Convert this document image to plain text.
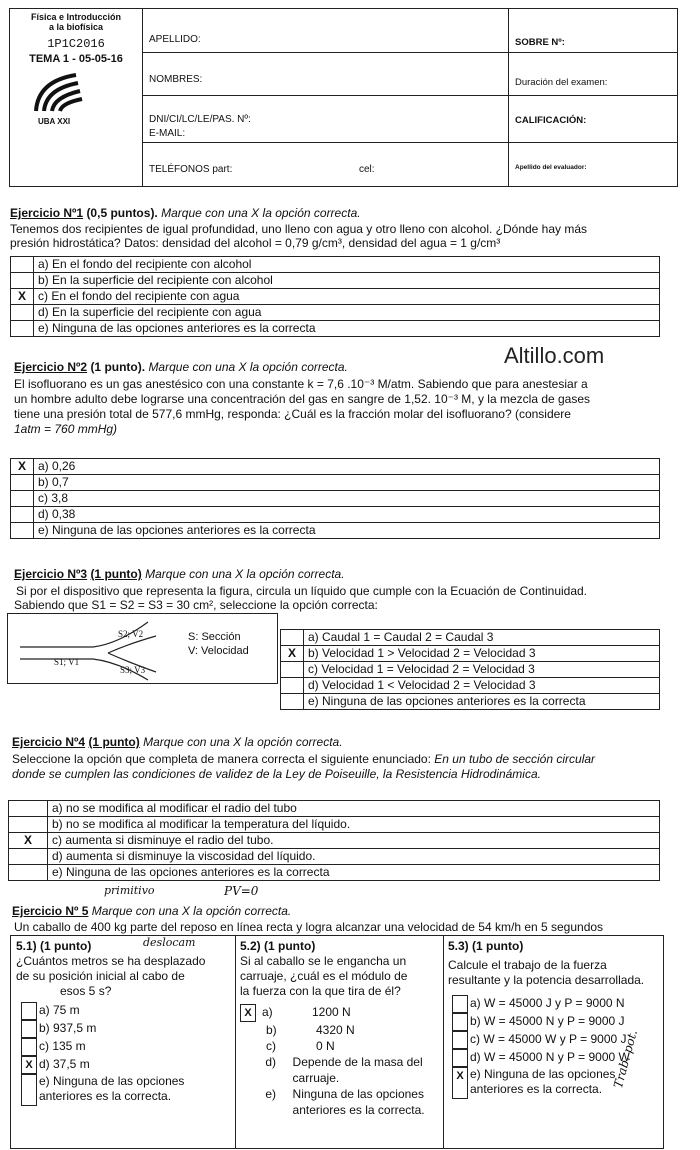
Física e Introducción
a la biofísica
1P1C2016
TEMA 1 - 05-05-16
UBA XXI
APELLIDO:
NOMBRES:
DNI/CI/LC/LE/PAS. Nº:
E-MAIL:
TELÉFONOS part:	cel:
SOBRE Nº:
Duración del examen:
CALIFICACIÓN:
Apellido del evaluador:
Ejercicio Nº1 (0,5 puntos). Marque con una X la opción correcta.
Tenemos dos recipientes de igual profundidad, uno lleno con agua y otro lleno con alcohol. ¿Dónde hay más
presión hidrostática? Datos: densidad del alcohol = 0,79 g/cm³, densidad del agua = 1 g/cm³
	a) En el fondo del recipiente con alcohol
	b) En la superficie del recipiente con alcohol
X	c) En el fondo del recipiente con agua
	d) En la superficie del recipiente con agua
	e) Ninguna de las opciones anteriores es la correcta
Altillo.com
Ejercicio Nº2 (1 punto). Marque con una X la opción correcta.
El isofluorano es un gas anestésico con una constante k = 7,6 .10⁻³ M/atm. Sabiendo que para anestesiar a
un hombre adulto debe lograrse una concentración del gas en sangre de 1,52. 10⁻³ M, y la mezcla de gases
tiene una presión total de 577,6 mmHg, responda: ¿Cuál es la fracción molar del isofluorano? (considere
1atm = 760 mmHg)
X	a) 0,26
	b) 0,7
	c) 3,8
	d) 0,38
	e) Ninguna de las opciones anteriores es la correcta
Ejercicio Nº3 (1 punto) Marque con una X la opción correcta.
Si por el dispositivo que representa la figura, circula un líquido que cumple con la Ecuación de Continuidad.
Sabiendo que S1 = S2 = S3 = 30 cm², seleccione la opción correcta:
S1; V1
S2; V2
S3; V3
S: Sección
V: Velocidad
	a) Caudal 1 = Caudal 2 = Caudal 3
X	b) Velocidad 1 > Velocidad 2 = Velocidad 3
	c) Velocidad 1 = Velocidad 2 = Velocidad 3
	d) Velocidad 1 < Velocidad 2 = Velocidad 3
	e) Ninguna de las opciones anteriores es la correcta
Ejercicio Nº4 (1 punto) Marque con una X la opción correcta.
Seleccione la opción que completa de manera correcta el siguiente enunciado: En un tubo de sección circular
donde se cumplen las condiciones de validez de la Ley de Poiseuille, la Resistencia Hidrodinámica.
	a) no se modifica al modificar el radio del tubo
	b) no se modifica al modificar la temperatura del líquido.
X	c) aumenta si disminuye el radio del tubo.
	d) aumenta si disminuye la viscosidad del líquido.
	e) Ninguna de las opciones anteriores es la correcta
primitivo	PV=0
Ejercicio Nº 5 Marque con una X la opción correcta.
Un caballo de 400 kg parte del reposo en línea recta y logra alcanzar una velocidad de 54 km/h en 5 segundos
5.1) (1 punto)	deslocam
¿Cuántos metros se ha desplazado
de su posición inicial al cabo de
esos 5 s?
a) 75 m
b) 937,5 m
c) 135 m
X d) 37,5 m
e) Ninguna de las opciones anteriores es la correcta.
5.2) (1 punto)
Si al caballo se le engancha un
carruaje, ¿cuál es el módulo de
la fuerza con la que tira de él?
X a)	1200 N
b)	4320 N
c)	0 N
d)	Depende de la masa del carruaje.
e)	Ninguna de las opciones anteriores es la correcta.
5.3) (1 punto)
Calcule el trabajo de la fuerza
resultante y la potencia desarrollada.
a) W = 45000 J y P = 9000 N
b) W = 45000 N y P = 9000 J
c) W = 45000 W y P = 9000 J
d) W = 45000 N y P = 9000 W
X e) Ninguna de las opciones anteriores es la correcta. Trab. pot.
